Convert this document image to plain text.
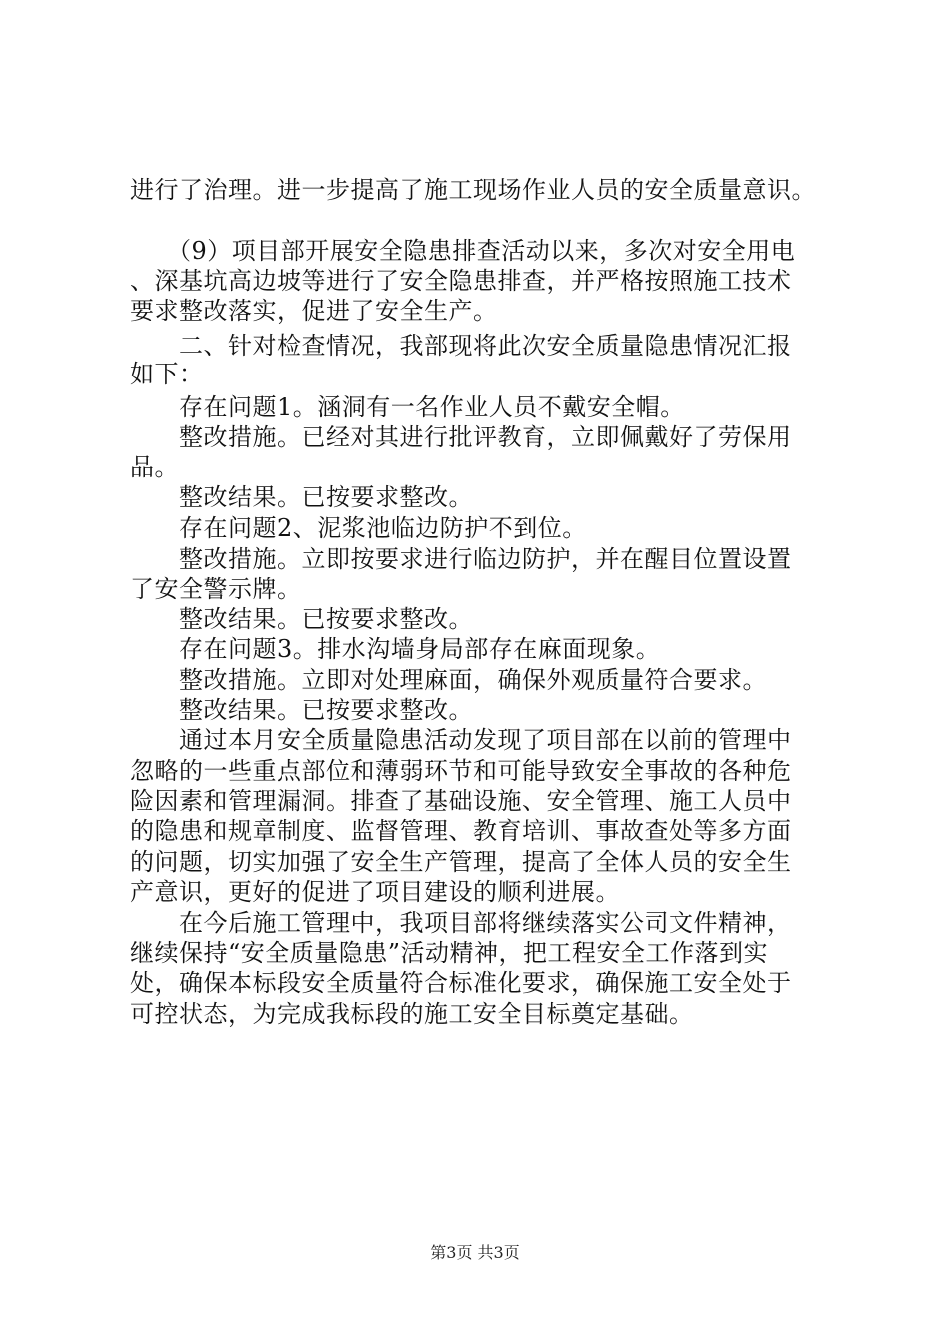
进行了治理。进一步提高了施工现场作业人员的安全质量意识。
　　（9）项目部开展安全隐患排查活动以来，多次对安全用电
、深基坑高边坡等进行了安全隐患排查，并严格按照施工技术
要求整改落实，促进了安全生产。
　　二、针对检查情况，我部现将此次安全质量隐患情况汇报
如下：
　　存在问题1。涵洞有一名作业人员不戴安全帽。
　　整改措施。已经对其进行批评教育，立即佩戴好了劳保用
品。
　　整改结果。已按要求整改。
　　存在问题2、泥浆池临边防护不到位。
　　整改措施。立即按要求进行临边防护，并在醒目位置设置
了安全警示牌。
　　整改结果。已按要求整改。
　　存在问题3。排水沟墙身局部存在麻面现象。
　　整改措施。立即对处理麻面，确保外观质量符合要求。
　　整改结果。已按要求整改。
　　通过本月安全质量隐患活动发现了项目部在以前的管理中
忽略的一些重点部位和薄弱环节和可能导致安全事故的各种危
险因素和管理漏洞。排查了基础设施、安全管理、施工人员中
的隐患和规章制度、监督管理、教育培训、事故查处等多方面
的问题，切实加强了安全生产管理，提高了全体人员的安全生
产意识，更好的促进了项目建设的顺利进展。
　　在今后施工管理中，我项目部将继续落实公司文件精神，
继续保持“安全质量隐患”活动精神，把工程安全工作落到实
处，确保本标段安全质量符合标准化要求，确保施工安全处于
可控状态，为完成我标段的施工安全目标奠定基础。
第3页 共3页
